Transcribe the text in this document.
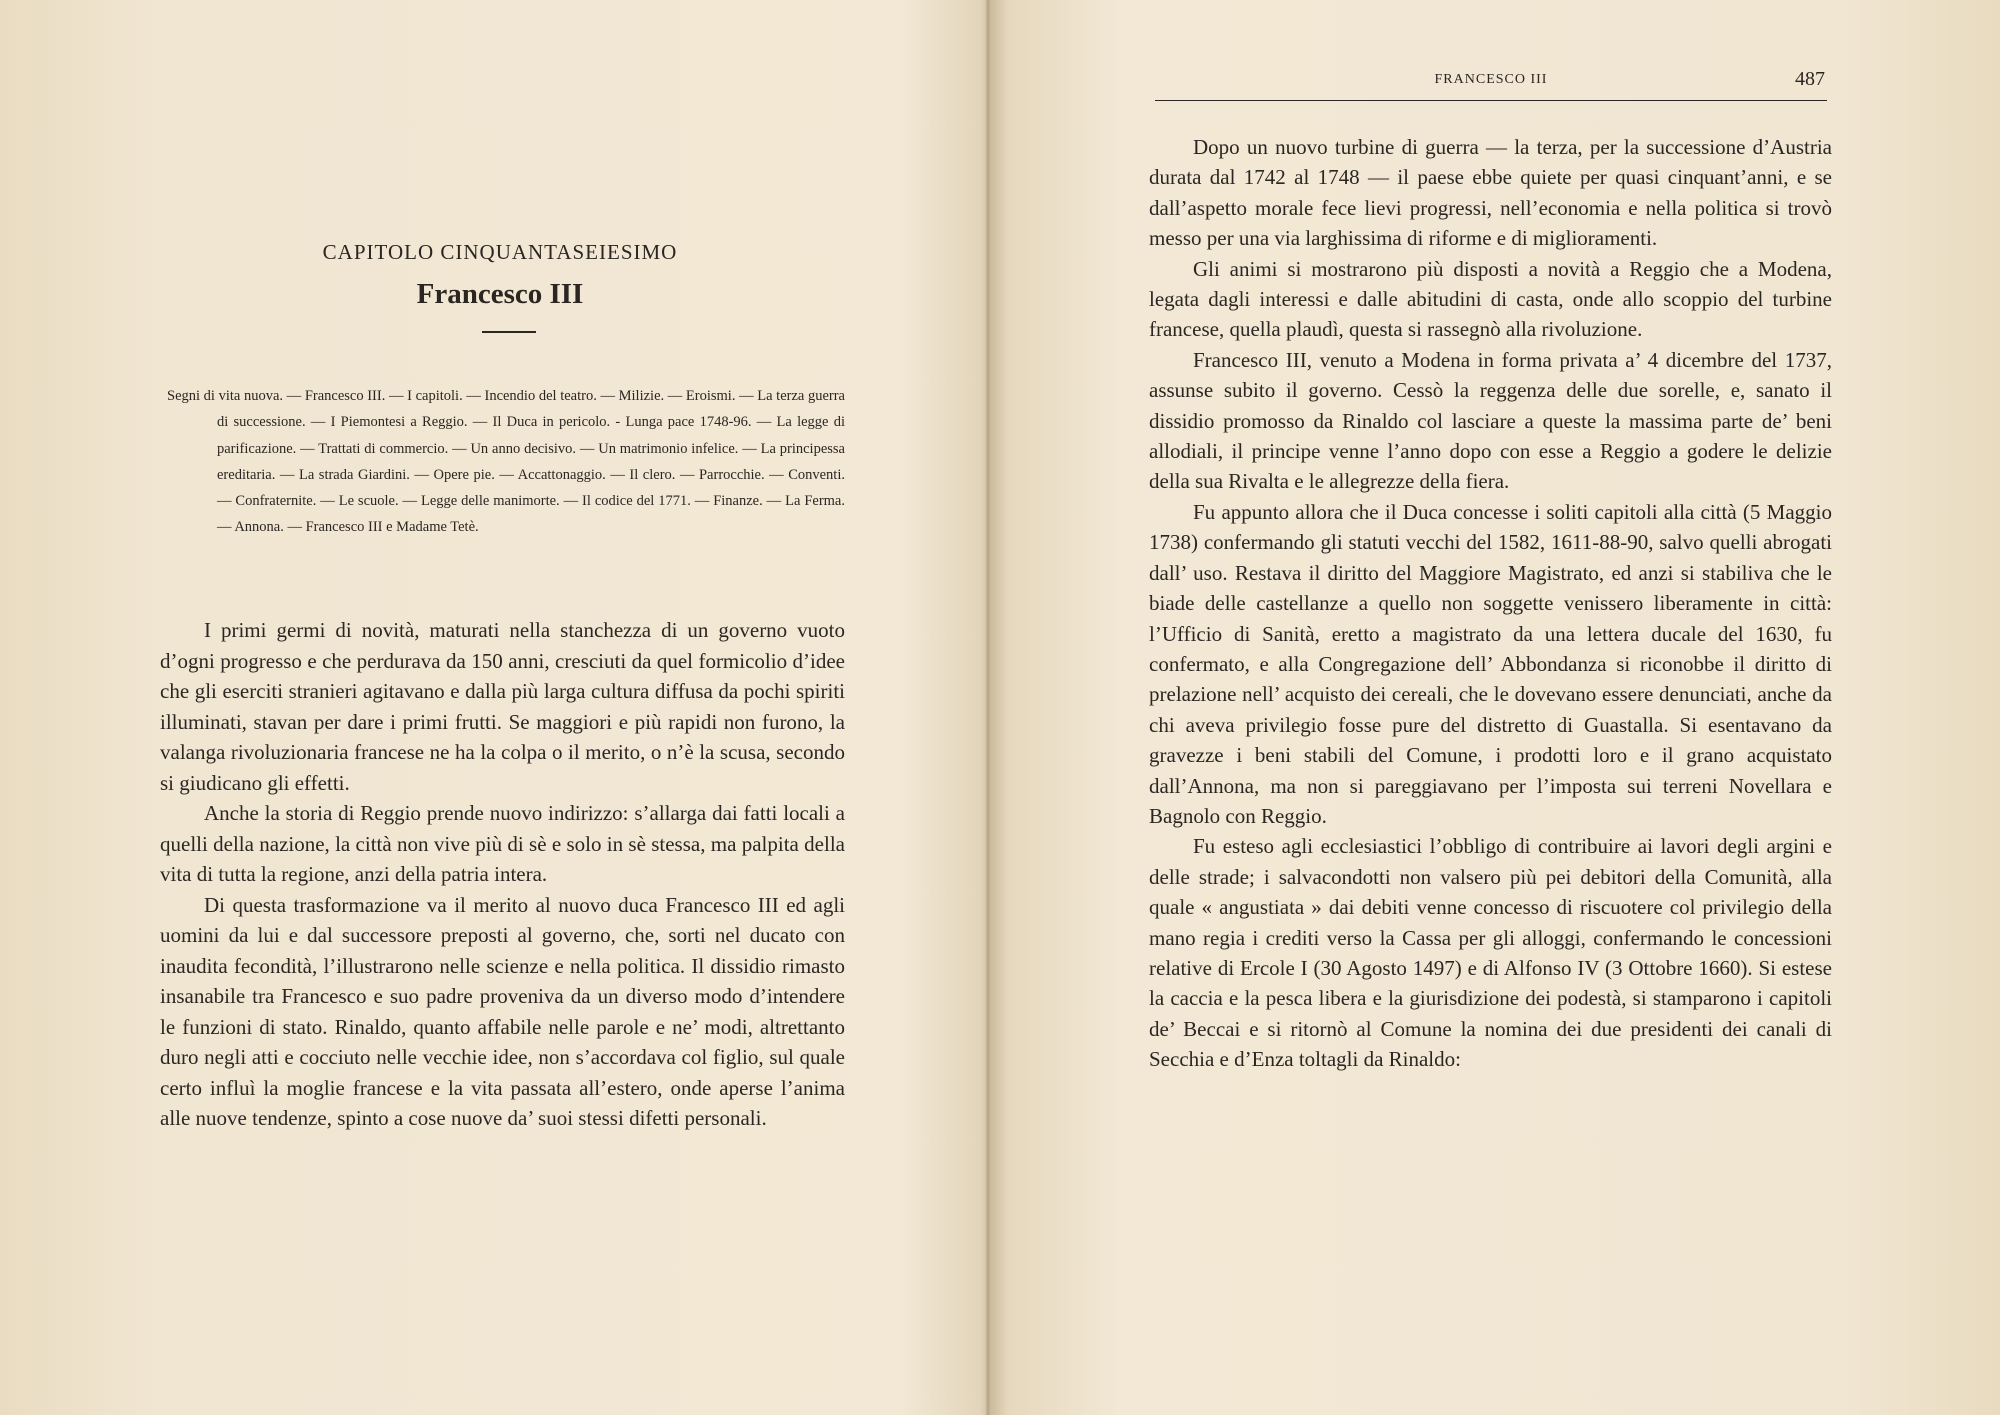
CAPITOLO CINQUANTASEIESIMO
Francesco III
Segni di vita nuova. — Francesco III. — I capitoli. — Incendio del teatro. — Milizie. — Eroismi. — La terza guerra di successione. — I Piemontesi a Reggio. — Il Duca in pericolo. - Lunga pace 1748-96. — La legge di parificazione. — Trattati di commercio. — Un anno decisivo. — Un matrimonio infelice. — La principessa ereditaria. — La strada Giardini. — Opere pie. — Accattonaggio. — Il clero. — Parrocchie. — Conventi. — Confraternite. — Le scuole. — Legge delle manimorte. — Il codice del 1771. — Finanze. — La Ferma. — Annona. — Francesco III e Madame Tetè.

I primi germi di novità, maturati nella stanchezza di un governo vuoto d’ogni progresso e che perdurava da 150 anni, cresciuti da quel formicolio d’idee che gli eserciti stranieri agitavano e dalla più larga cultura diffusa da pochi spiriti illuminati, stavan per dare i primi frutti. Se maggiori e più rapidi non furono, la valanga rivoluzionaria francese ne ha la colpa o il merito, o n’è la scusa, secondo si giudicano gli effetti.

Anche la storia di Reggio prende nuovo indirizzo: s’allarga dai fatti locali a quelli della nazione, la città non vive più di sè e solo in sè stessa, ma palpita della vita di tutta la regione, anzi della patria intera.

Di questa trasformazione va il merito al nuovo duca Francesco III ed agli uomini da lui e dal successore preposti al governo, che, sorti nel ducato con inaudita fecondità, l’illustrarono nelle scienze e nella politica. Il dissidio rimasto insanabile tra Francesco e suo padre proveniva da un diverso modo d’intendere le funzioni di stato. Rinaldo, quanto affabile nelle parole e ne’ modi, altrettanto duro negli atti e cocciuto nelle vecchie idee, non s’accordava col figlio, sul quale certo influì la moglie francese e la vita passata all’estero, onde aperse l’anima alle nuove tendenze, spinto a cose nuove da’ suoi stessi difetti personali.

FRANCESCO III	487

Dopo un nuovo turbine di guerra — la terza, per la successione d’Austria durata dal 1742 al 1748 — il paese ebbe quiete per quasi cinquant’anni, e se dall’aspetto morale fece lievi progressi, nell’economia e nella politica si trovò messo per una via larghissima di riforme e di miglioramenti.

Gli animi si mostrarono più disposti a novità a Reggio che a Modena, legata dagli interessi e dalle abitudini di casta, onde allo scoppio del turbine francese, quella plaudì, questa si rassegnò alla rivoluzione.

Francesco III, venuto a Modena in forma privata a’ 4 dicembre del 1737, assunse subito il governo. Cessò la reggenza delle due sorelle, e, sanato il dissidio promosso da Rinaldo col lasciare a queste la massima parte de’ beni allodiali, il principe venne l’anno dopo con esse a Reggio a godere le delizie della sua Rivalta e le allegrezze della fiera.

Fu appunto allora che il Duca concesse i soliti capitoli alla città (5 Maggio 1738) confermando gli statuti vecchi del 1582, 1611-88-90, salvo quelli abrogati dall’ uso. Restava il diritto del Maggiore Magistrato, ed anzi si stabiliva che le biade delle castellanze a quello non soggette venissero liberamente in città: l’Ufficio di Sanità, eretto a magistrato da una lettera ducale del 1630, fu confermato, e alla Congregazione dell’ Abbondanza si riconobbe il diritto di prelazione nell’ acquisto dei cereali, che le dovevano essere denunciati, anche da chi aveva privilegio fosse pure del distretto di Guastalla. Si esentavano da gravezze i beni stabili del Comune, i prodotti loro e il grano acquistato dall’Annona, ma non si pareggiavano per l’imposta sui terreni Novellara e Bagnolo con Reggio.

Fu esteso agli ecclesiastici l’obbligo di contribuire ai lavori degli argini e delle strade; i salvacondotti non valsero più pei debitori della Comunità, alla quale « angustiata » dai debiti venne concesso di riscuotere col privilegio della mano regia i crediti verso la Cassa per gli alloggi, confermando le concessioni relative di Ercole I (30 Agosto 1497) e di Alfonso IV (3 Ottobre 1660). Si estese la caccia e la pesca libera e la giurisdizione dei podestà, si stamparono i capitoli de’ Beccai e si ritornò al Comune la nomina dei due presidenti dei canali di Secchia e d’Enza toltagli da Rinaldo:
